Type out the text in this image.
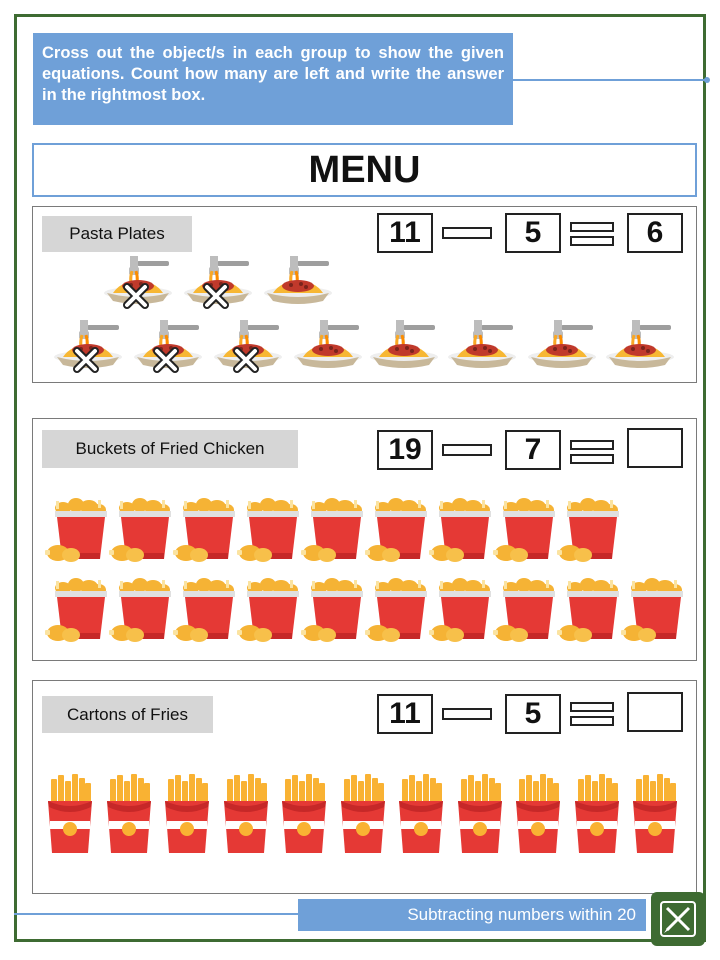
Cross out the object/s in each group to show the given equations. Count how many are left and write the answer in the rightmost box.
MENU
Pasta Plates	11	5	6
Buckets of Fried Chicken	19	7
Cartons of Fries	11	5
Subtracting numbers within 20
